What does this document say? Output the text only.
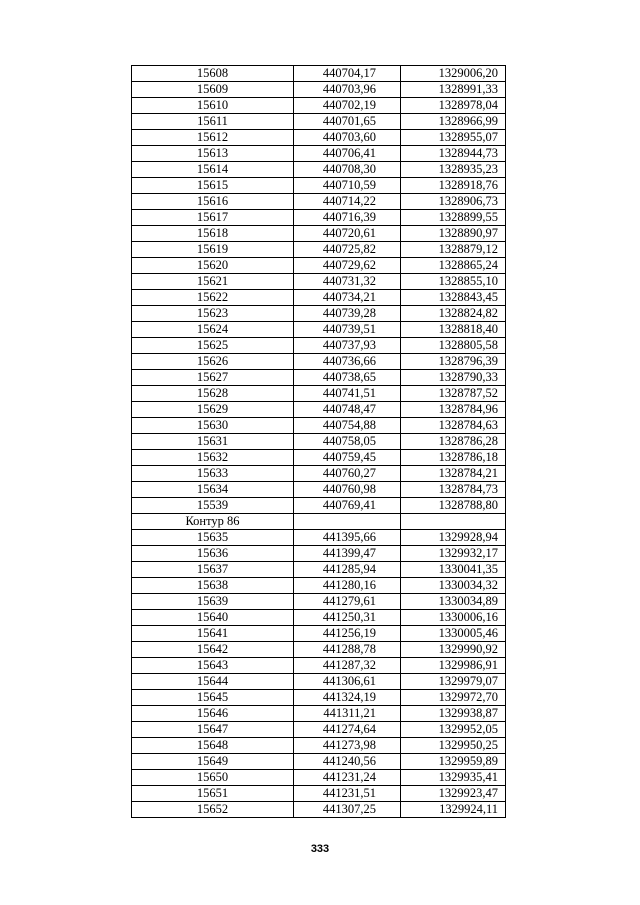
15608	440704,17	1329006,20
15609	440703,96	1328991,33
15610	440702,19	1328978,04
15611	440701,65	1328966,99
15612	440703,60	1328955,07
15613	440706,41	1328944,73
15614	440708,30	1328935,23
15615	440710,59	1328918,76
15616	440714,22	1328906,73
15617	440716,39	1328899,55
15618	440720,61	1328890,97
15619	440725,82	1328879,12
15620	440729,62	1328865,24
15621	440731,32	1328855,10
15622	440734,21	1328843,45
15623	440739,28	1328824,82
15624	440739,51	1328818,40
15625	440737,93	1328805,58
15626	440736,66	1328796,39
15627	440738,65	1328790,33
15628	440741,51	1328787,52
15629	440748,47	1328784,96
15630	440754,88	1328784,63
15631	440758,05	1328786,28
15632	440759,45	1328786,18
15633	440760,27	1328784,21
15634	440760,98	1328784,73
15539	440769,41	1328788,80
Контур 86		
15635	441395,66	1329928,94
15636	441399,47	1329932,17
15637	441285,94	1330041,35
15638	441280,16	1330034,32
15639	441279,61	1330034,89
15640	441250,31	1330006,16
15641	441256,19	1330005,46
15642	441288,78	1329990,92
15643	441287,32	1329986,91
15644	441306,61	1329979,07
15645	441324,19	1329972,70
15646	441311,21	1329938,87
15647	441274,64	1329952,05
15648	441273,98	1329950,25
15649	441240,56	1329959,89
15650	441231,24	1329935,41
15651	441231,51	1329923,47
15652	441307,25	1329924,11
333
